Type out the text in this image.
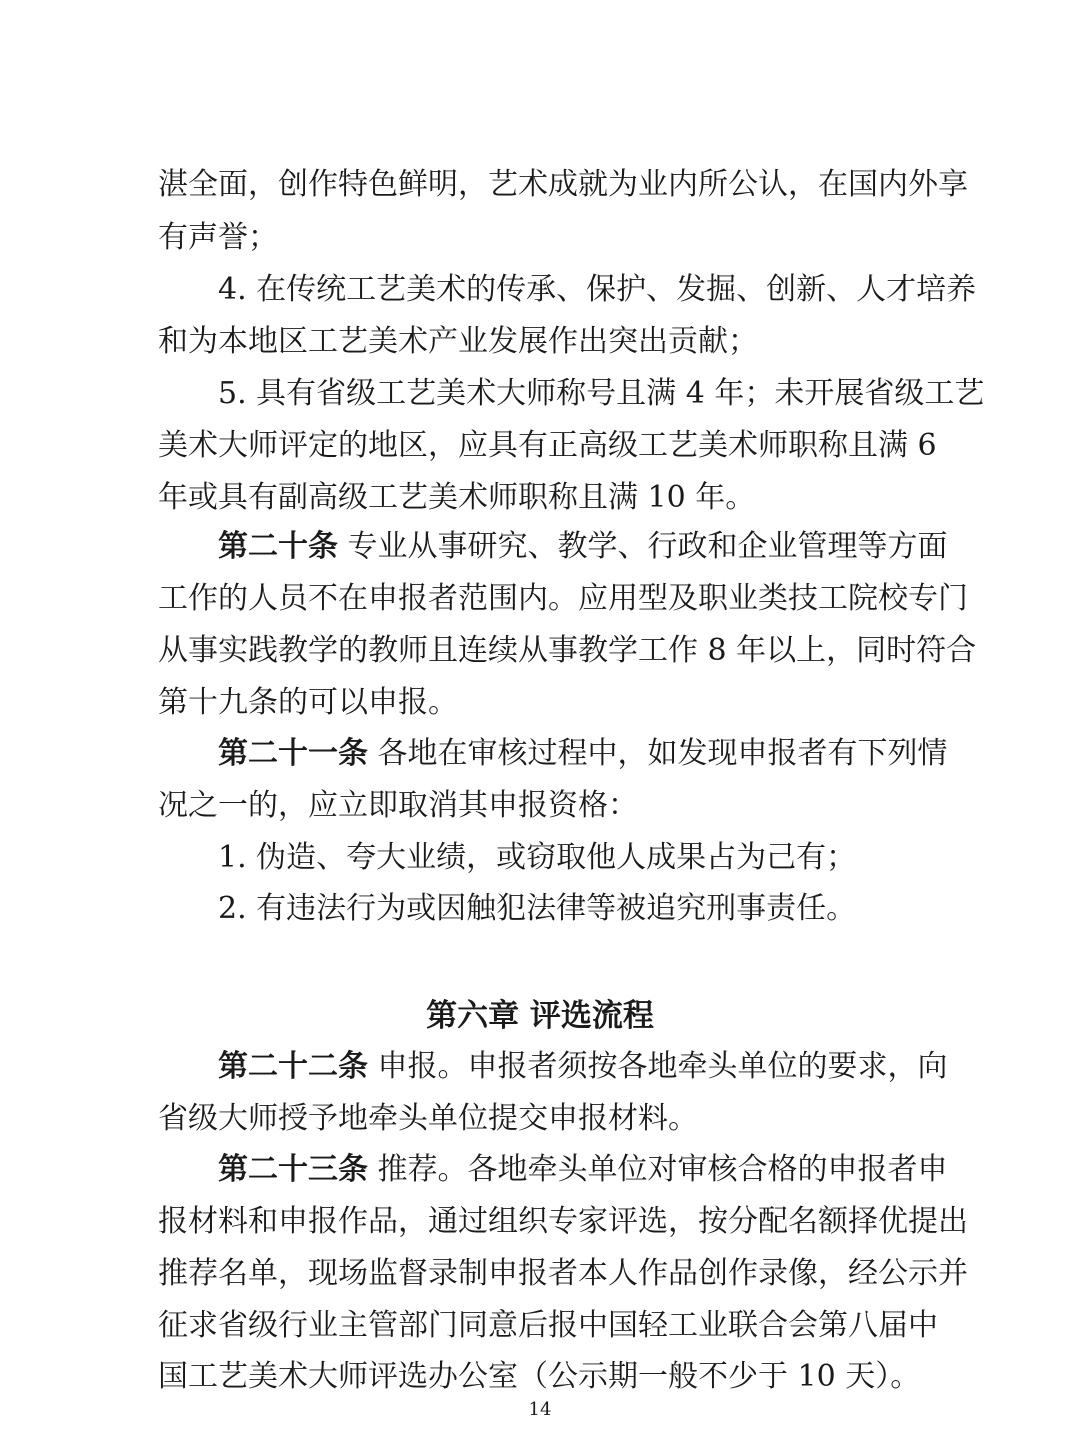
湛全面，创作特色鲜明，艺术成就为业内所公认，在国内外享
有声誉；
4. 在传统工艺美术的传承、保护、发掘、创新、人才培养
和为本地区工艺美术产业发展作出突出贡献；
5. 具有省级工艺美术大师称号且满 4 年；未开展省级工艺
美术大师评定的地区，应具有正高级工艺美术师职称且满 6
年或具有副高级工艺美术师职称且满 10 年。
第二十条 专业从事研究、教学、行政和企业管理等方面
工作的人员不在申报者范围内。应用型及职业类技工院校专门
从事实践教学的教师且连续从事教学工作 8 年以上，同时符合
第十九条的可以申报。
第二十一条 各地在审核过程中，如发现申报者有下列情
况之一的，应立即取消其申报资格：
1. 伪造、夸大业绩，或窃取他人成果占为己有；
2. 有违法行为或因触犯法律等被追究刑事责任。
第六章 评选流程
第二十二条 申报。申报者须按各地牵头单位的要求，向
省级大师授予地牵头单位提交申报材料。
第二十三条 推荐。各地牵头单位对审核合格的申报者申
报材料和申报作品，通过组织专家评选，按分配名额择优提出
推荐名单，现场监督录制申报者本人作品创作录像，经公示并
征求省级行业主管部门同意后报中国轻工业联合会第八届中
国工艺美术大师评选办公室（公示期一般不少于 10 天）。
14
